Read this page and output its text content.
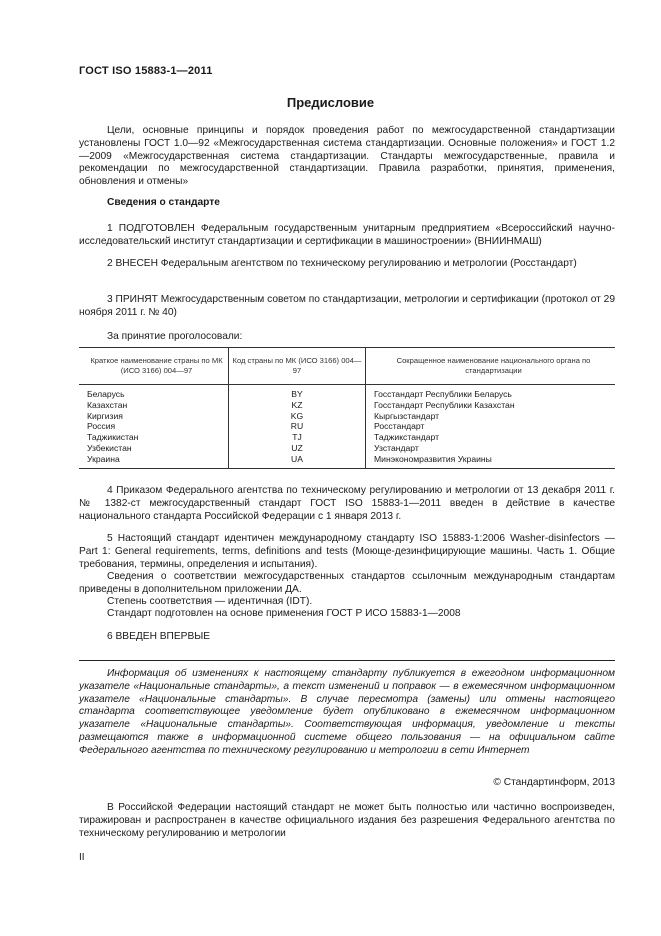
ГОСТ ISO 15883-1—2011
Предисловие

Цели, основные принципы и порядок проведения работ по межгосударственной стандартизации установлены ГОСТ 1.0—92 «Межгосударственная система стандартизации. Основные положения» и ГОСТ 1.2—2009 «Межгосударственная система стандартизации. Стандарты межгосударственные, правила и рекомендации по межгосударственной стандартизации. Правила разработки, принятия, применения, обновления и отмены»

Сведения о стандарте

1 ПОДГОТОВЛЕН Федеральным государственным унитарным предприятием «Всероссийский научно-исследовательский институт стандартизации и сертификации в машиностроении» (ВНИИНМАШ)

2 ВНЕСЕН Федеральным агентством по техническому регулированию и метрологии (Росстандарт)

3 ПРИНЯТ Межгосударственным советом по стандартизации, метрологии и сертификации (протокол от 29 ноября 2011 г. № 40)

За принятие проголосовали:
Краткое наименование страны по МК (ИСО 3166) 004—97	Код страны по МК (ИСО 3166) 004—97	Сокращенное наименование национального органа по стандартизации
Беларусь	BY	Госстандарт Республики Беларусь
Казахстан	KZ	Госстандарт Республики Казахстан
Киргизия	KG	Кыргызстандарт
Россия	RU	Росстандарт
Таджикистан	TJ	Таджикстандарт
Узбекистан	UZ	Узстандарт
Украина	UA	Минэкономразвития Украины

4 Приказом Федерального агентства по техническому регулированию и метрологии от 13 декабря 2011 г. № 1382-ст межгосударственный стандарт ГОСТ ISO 15883-1—2011 введен в действие в качестве национального стандарта Российской Федерации с 1 января 2013 г.

5 Настоящий стандарт идентичен международному стандарту ISO 15883-1:2006 Washer-disinfectors — Part 1: General requirements, terms, definitions and tests (Моюще-дезинфицирующие машины. Часть 1. Общие требования, термины, определения и испытания).

Сведения о соответствии межгосударственных стандартов ссылочным международным стандартам приведены в дополнительном приложении ДА.

Степень соответствия — идентичная (IDT).
Стандарт подготовлен на основе применения ГОСТ Р ИСО 15883-1—2008
6 ВВЕДЕН ВПЕРВЫЕ

Информация об изменениях к настоящему стандарту публикуется в ежегодном информационном указателе «Национальные стандарты», а текст изменений и поправок — в ежемесячном информационном указателе «Национальные стандарты». В случае пересмотра (замены) или отмены настоящего стандарта соответствующее уведомление будет опубликовано в ежемесячном информационном указателе «Национальные стандарты». Соответствующая информация, уведомление и тексты размещаются также в информационной системе общего пользования — на официальном сайте Федерального агентства по техническому регулированию и метрологии в сети Интернет

© Стандартинформ, 2013

В Российской Федерации настоящий стандарт не может быть полностью или частично воспроизведен, тиражирован и распространен в качестве официального издания без разрешения Федерального агентства по техническому регулированию и метрологии

II
